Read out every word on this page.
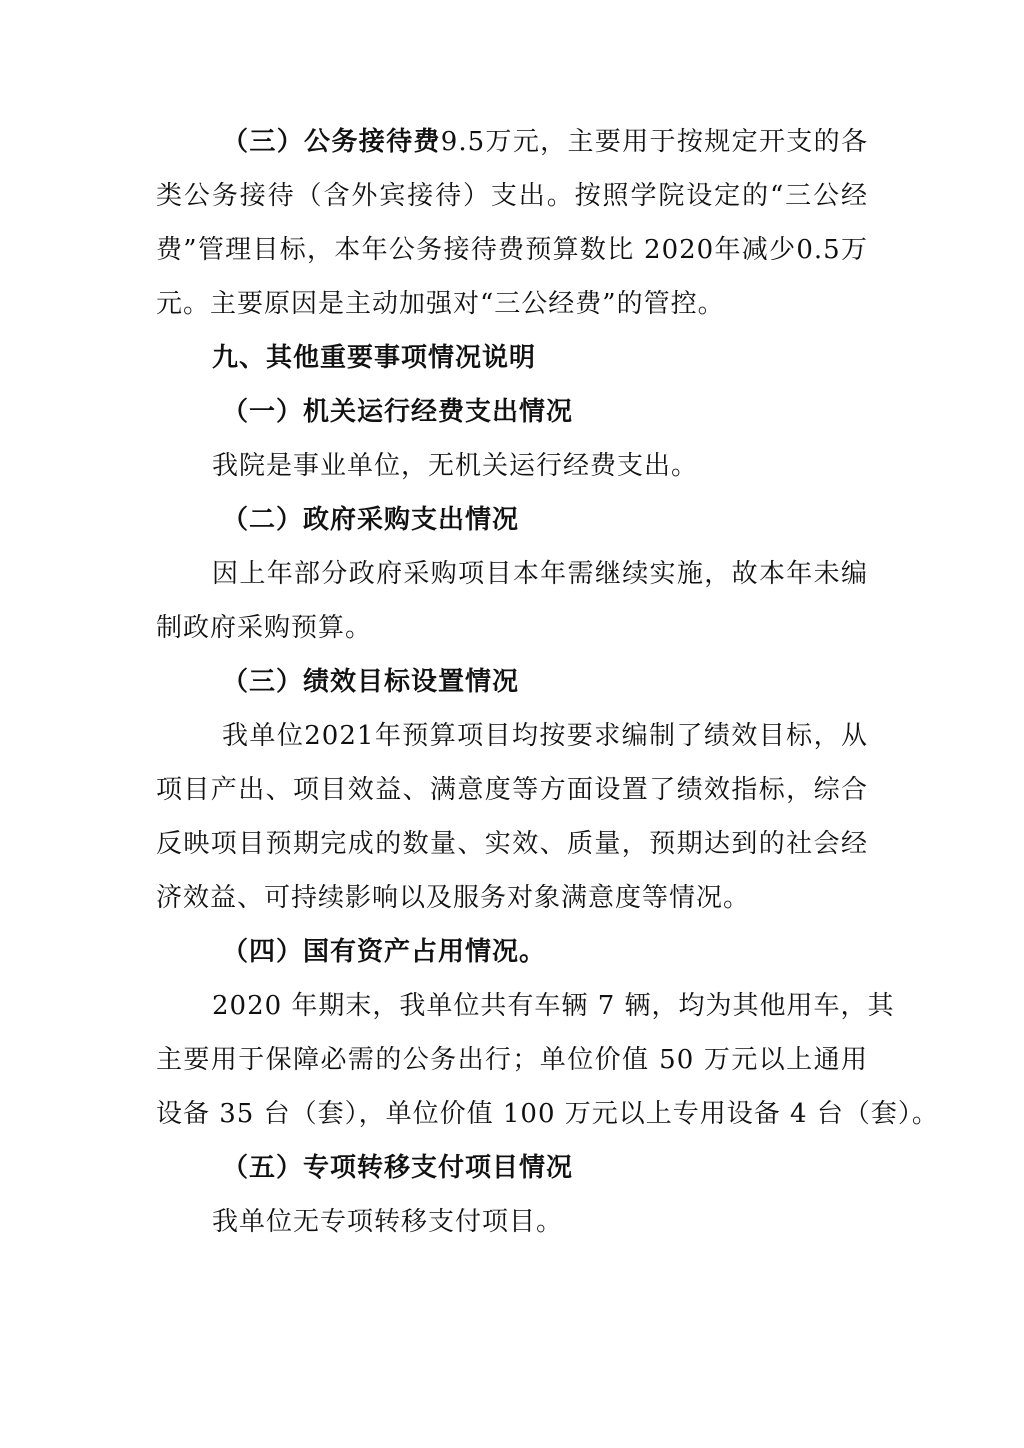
（三）公务接待费9.5万元，主要用于按规定开支的各

类公务接待（含外宾接待）支出。按照学院设定的“三公经

费”管理目标，本年公务接待费预算数比 2020年减少0.5万

元。主要原因是主动加强对“三公经费”的管控。

九、其他重要事项情况说明

（一）机关运行经费支出情况

我院是事业单位，无机关运行经费支出。

（二）政府采购支出情况

因上年部分政府采购项目本年需继续实施，故本年未编

制政府采购预算。

（三）绩效目标设置情况

我单位2021年预算项目均按要求编制了绩效目标，从

项目产出、项目效益、满意度等方面设置了绩效指标，综合

反映项目预期完成的数量、实效、质量，预期达到的社会经

济效益、可持续影响以及服务对象满意度等情况。

（四）国有资产占用情况。

2020 年期末，我单位共有车辆 7 辆，均为其他用车，其

主要用于保障必需的公务出行；单位价值 50 万元以上通用

设备 35 台（套），单位价值 100 万元以上专用设备 4 台（套）。

（五）专项转移支付项目情况

我单位无专项转移支付项目。
